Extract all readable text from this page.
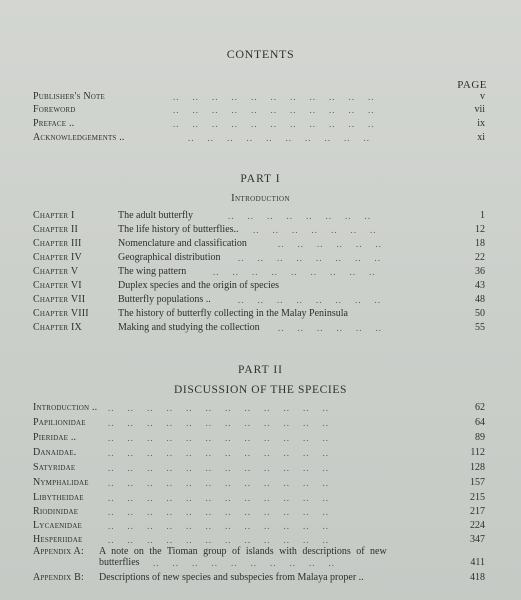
CONTENTS
PAGE
Publisher's Note	..    ..    ..    ..    ..    ..    ..    ..    ..    ..    ..	v
Foreword	..    ..    ..    ..    ..    ..    ..    ..    ..    ..    ..	vii
Preface ..	..    ..    ..    ..    ..    ..    ..    ..    ..    ..    ..	ix
Acknowledgements ..	..    ..    ..    ..    ..    ..    ..    ..    ..    ..	xi
PART I
Introduction
Chapter I	The adult butterfly	..    ..    ..    ..    ..    ..    ..    ..	1
Chapter II	The life history of butterflies.. ..    ..    ..    ..    ..    ..    ..	12
Chapter III	Nomenclature and classification	..    ..    ..    ..    ..    ..	18
Chapter IV	Geographical distribution ..    ..    ..    ..    ..    ..    ..    ..	22
Chapter V	The wing pattern	..    ..    ..    ..    ..    ..    ..    ..    ..	36
Chapter VI	Duplex species and the origin of species	43
Chapter VII	Butterfly populations ..	..    ..    ..    ..    ..    ..    ..    ..	48
Chapter VIII	The history of butterfly collecting in the Malay Peninsula	50
Chapter IX	Making and studying the collection ..    ..    ..    ..    ..    ..	55
PART II
DISCUSSION OF THE SPECIES
Introduction .. ..    ..    ..    ..    ..    ..    ..    ..    ..    ..    ..    ..	62
Papilionidae ..    ..    ..    ..    ..    ..    ..    ..    ..    ..    ..    ..	64
Pieridae ..	..    ..    ..    ..    ..    ..    ..    ..    ..    ..    ..    ..	89
Danaidae.	..    ..    ..    ..    ..    ..    ..    ..    ..    ..    ..    ..	112
Satyridae	..    ..    ..    ..    ..    ..    ..    ..    ..    ..    ..    ..	128
Nymphalidae ..    ..    ..    ..    ..    ..    ..    ..    ..    ..    ..    ..	157
Libytheidae	..    ..    ..    ..    ..    ..    ..    ..    ..    ..    ..    ..	215
Riodinidae	..    ..    ..    ..    ..    ..    ..    ..    ..    ..    ..    ..	217
Lycaenidae	..    ..    ..    ..    ..    ..    ..    ..    ..    ..    ..    ..	224
Hesperiidae	..    ..    ..    ..    ..    ..    ..    ..    ..    ..    ..    ..	347
Appendix A: A note on the Tioman group of islands with descriptions of new
butterflies ..    ..    ..    ..    ..    ..    ..    ..    ..    ..	411
Appendix B: Descriptions of new species and subspecies from Malaya proper ..	418
